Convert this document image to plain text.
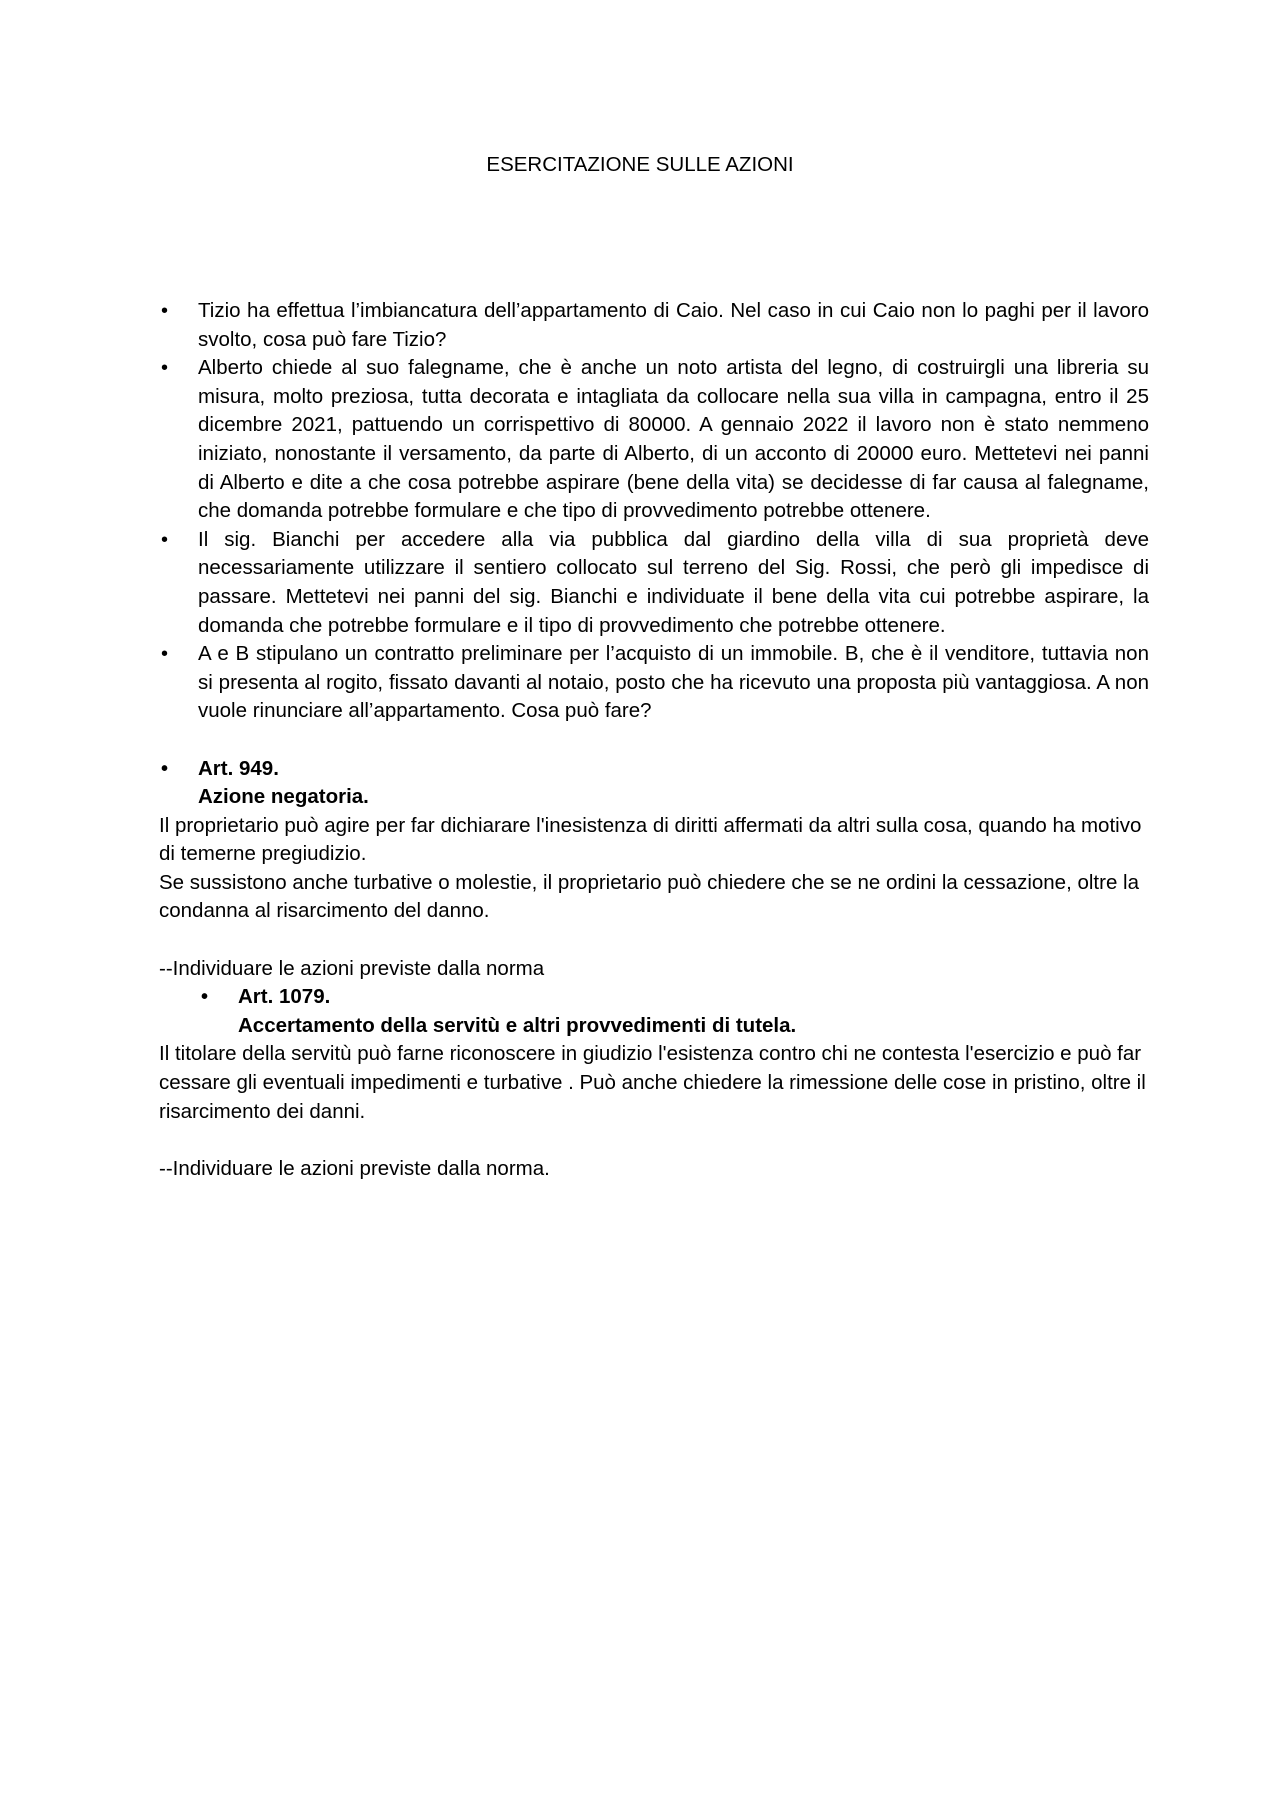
ESERCITAZIONE SULLE AZIONI
• Tizio ha effettua l’imbiancatura dell’appartamento di Caio. Nel caso in cui Caio non lo paghi per il lavoro svolto, cosa può fare Tizio?
• Alberto chiede al suo falegname, che è anche un noto artista del legno, di costruirgli una libreria su misura, molto preziosa, tutta decorata e intagliata da collocare nella sua villa in campagna, entro il 25 dicembre 2021, pattuendo un corrispettivo di 80000. A gennaio 2022 il lavoro non è stato nemmeno iniziato, nonostante il versamento, da parte di Alberto, di un acconto di 20000 euro. Mettetevi nei panni di Alberto e dite a che cosa potrebbe aspirare (bene della vita) se decidesse di far causa al falegname, che domanda potrebbe formulare e che tipo di provvedimento potrebbe ottenere.
• Il sig. Bianchi per accedere alla via pubblica dal giardino della villa di sua proprietà deve necessariamente utilizzare il sentiero collocato sul terreno del Sig. Rossi, che però gli impedisce di passare. Mettetevi nei panni del sig. Bianchi e individuate il bene della vita cui potrebbe aspirare, la domanda che potrebbe formulare e il tipo di provvedimento che potrebbe ottenere.
• A e B stipulano un contratto preliminare per l’acquisto di un immobile. B, che è il venditore, tuttavia non si presenta al rogito, fissato davanti al notaio, posto che ha ricevuto una proposta più vantaggiosa. A non vuole rinunciare all’appartamento. Cosa può fare?
• Art. 949.
Azione negatoria.

Il proprietario può agire per far dichiarare l'inesistenza di diritti affermati da altri sulla cosa, quando ha motivo di temerne pregiudizio.

Se sussistono anche turbative o molestie, il proprietario può chiedere che se ne ordini la cessazione, oltre la condanna al risarcimento del danno.

--Individuare le azioni previste dalla norma

• Art. 1079.
Accertamento della servitù e altri provvedimenti di tutela.

Il titolare della servitù può farne riconoscere in giudizio l'esistenza contro chi ne contesta l'esercizio e può far cessare gli eventuali impedimenti e turbative . Può anche chiedere la rimessione delle cose in pristino, oltre il risarcimento dei danni.

--Individuare le azioni previste dalla norma.
